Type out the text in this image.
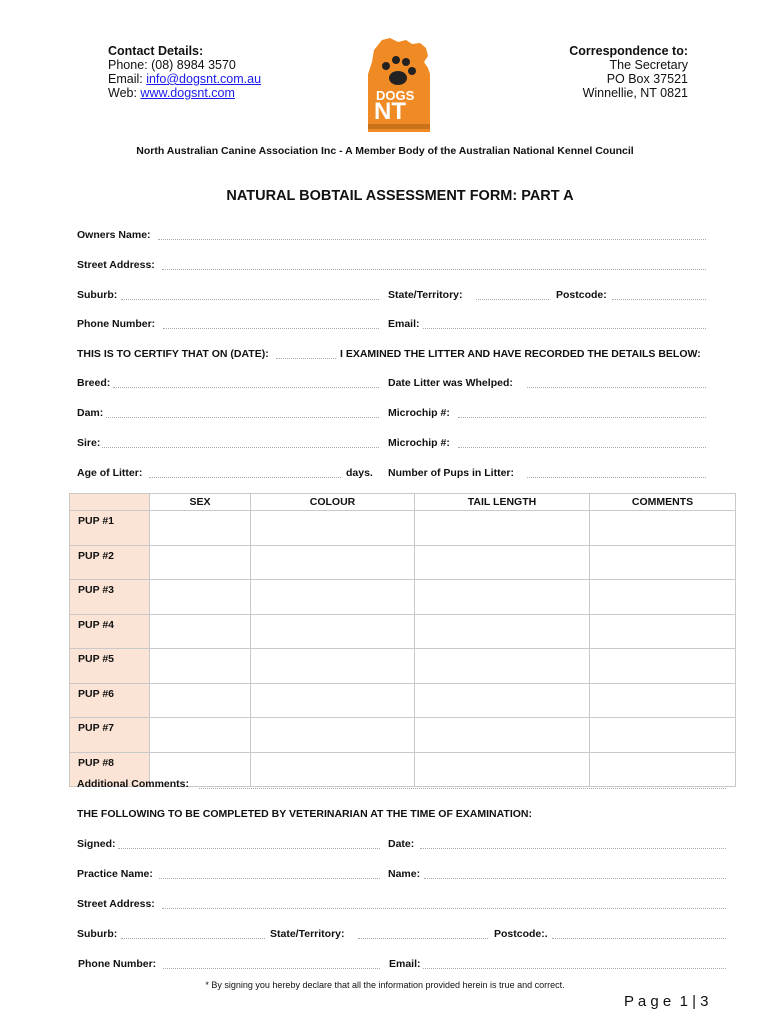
Contact Details:
Phone: (08) 8984 3570
Email: info@dogsnt.com.au
Web: www.dogsnt.com	DOGS
NT
Correspondence to:
The Secretary
PO Box 37521
Winnellie, NT 0821
North Australian Canine Association Inc - A Member Body of the Australian National Kennel Council
NATURAL BOBTAIL ASSESSMENT FORM: PART A
Owners Name:
Street Address:
Suburb:	State/Territory:	Postcode:
Phone Number:	Email:
THIS IS TO CERTIFY THAT ON (DATE):	I EXAMINED THE LITTER AND HAVE RECORDED THE DETAILS BELOW:
Breed:	Date Litter was Whelped:
Dam:	Microchip #:
Sire:	Microchip #:
Age of Litter:	days. Number of Pups in Litter:
	SEX	COLOUR	TAIL LENGTH	COMMENTS
PUP #1				
PUP #2				
PUP #3				
PUP #4				
PUP #5				
PUP #6				
PUP #7				
PUP #8				
Additional Comments:
THE FOLLOWING TO BE COMPLETED BY VETERINARIAN AT THE TIME OF EXAMINATION:
Signed:	Date:
Practice Name:	Name:
Street Address:
Suburb:	State/Territory:	Postcode:.
Phone Number:	Email:
* By signing you hereby declare that all the information provided herein is true and correct.
P a g e  1 | 3
